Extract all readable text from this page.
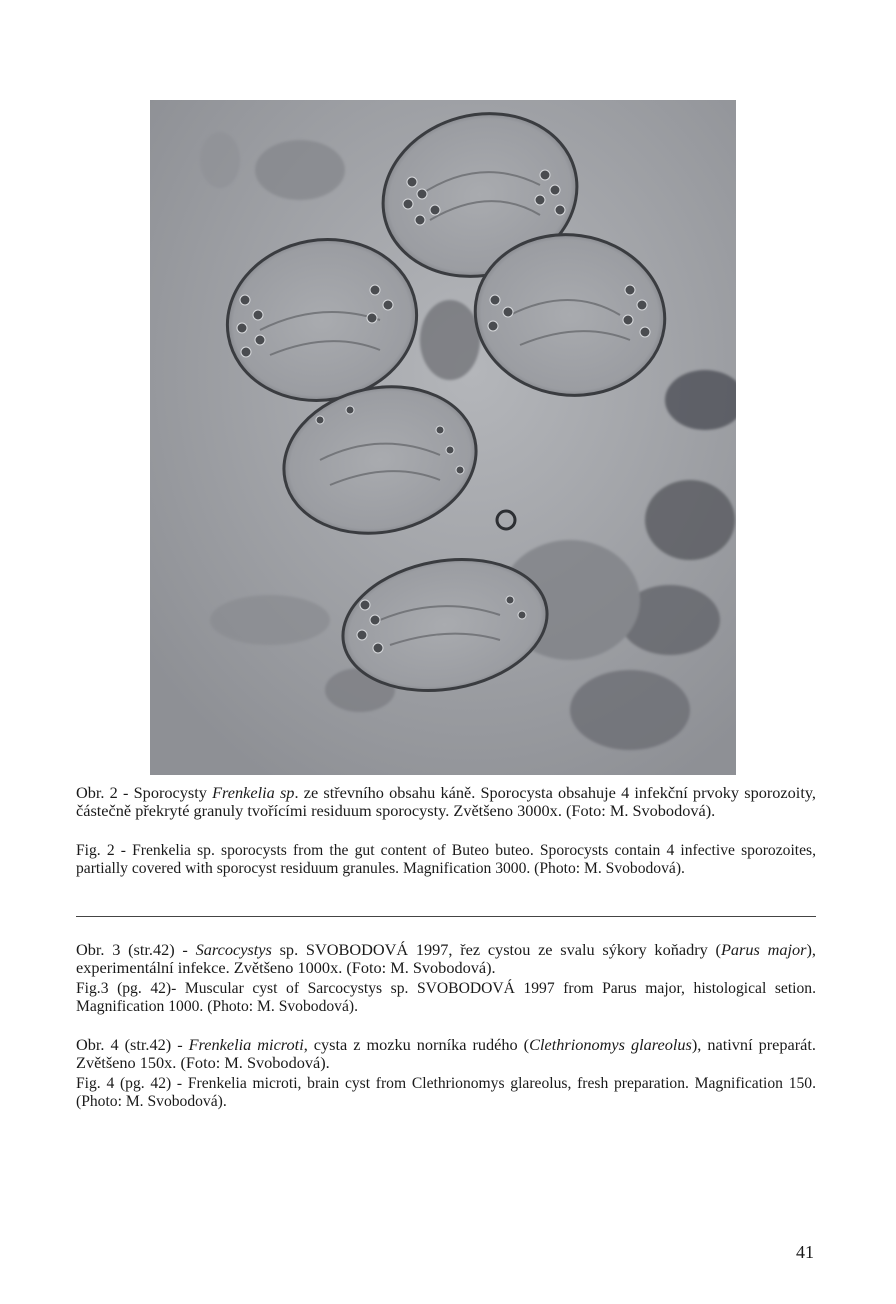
Obr. 2 - Sporocysty Frenkelia sp. ze střevního obsahu káně. Sporocysta obsahuje 4 infekční prvoky sporozoity, částečně překryté granuly tvořícími residuum sporocysty. Zvětšeno 3000x. (Foto: M. Svobodová).

Fig. 2 - Frenkelia sp. sporocysts from the gut content of Buteo buteo. Sporocysts contain 4 infective sporozoites, partially covered with sporocyst residuum granules. Magnification 3000. (Photo: M. Svobodová).

Obr. 3 (str.42) - Sarcocystys sp. SVOBODOVÁ 1997, řez cystou ze svalu sýkory koňadry (Parus major), experimentální infekce. Zvětšeno 1000x. (Foto: M. Svobodová).

Fig.3 (pg. 42)- Muscular cyst of Sarcocystys sp. SVOBODOVÁ 1997 from Parus major, histological setion. Magnification 1000. (Photo: M. Svobodová).

Obr. 4 (str.42) - Frenkelia microti, cysta z mozku norníka rudého (Clethrionomys glareolus), nativní preparát. Zvětšeno 150x. (Foto: M. Svobodová).

Fig. 4 (pg. 42) - Frenkelia microti, brain cyst from Clethrionomys glareolus, fresh preparation. Magnification 150. (Photo: M. Svobodová).

41
